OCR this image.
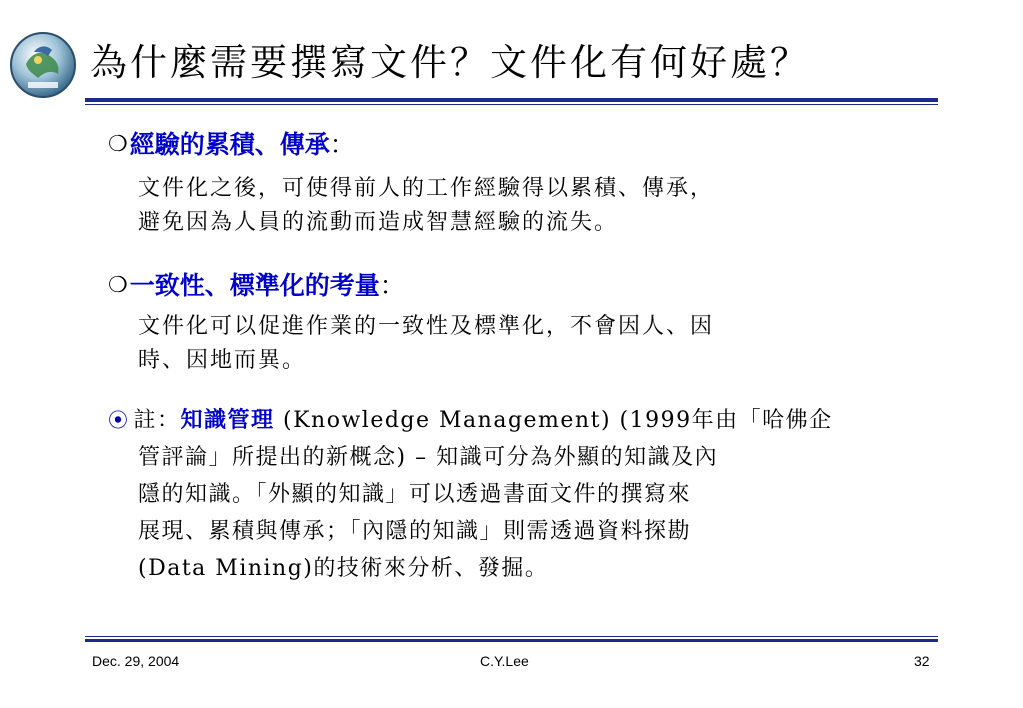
為什麼需要撰寫文件？文件化有何好處？
❍經驗的累積、傳承：
文件化之後，可使得前人的工作經驗得以累積、傳承，
避免因為人員的流動而造成智慧經驗的流失。
❍一致性、標準化的考量：
文件化可以促進作業的一致性及標準化，不會因人、因
時、因地而異。
⦿ 註：知識管理 (Knowledge Management) (1999年由「哈佛企
管評論」所提出的新概念) – 知識可分為外顯的知識及內
隱的知識。「外顯的知識」可以透過書面文件的撰寫來
展現、累積與傳承；「內隱的知識」則需透過資料探勘
(Data Mining)的技術來分析、發掘。
Dec. 29, 2004	C.Y.Lee	32
